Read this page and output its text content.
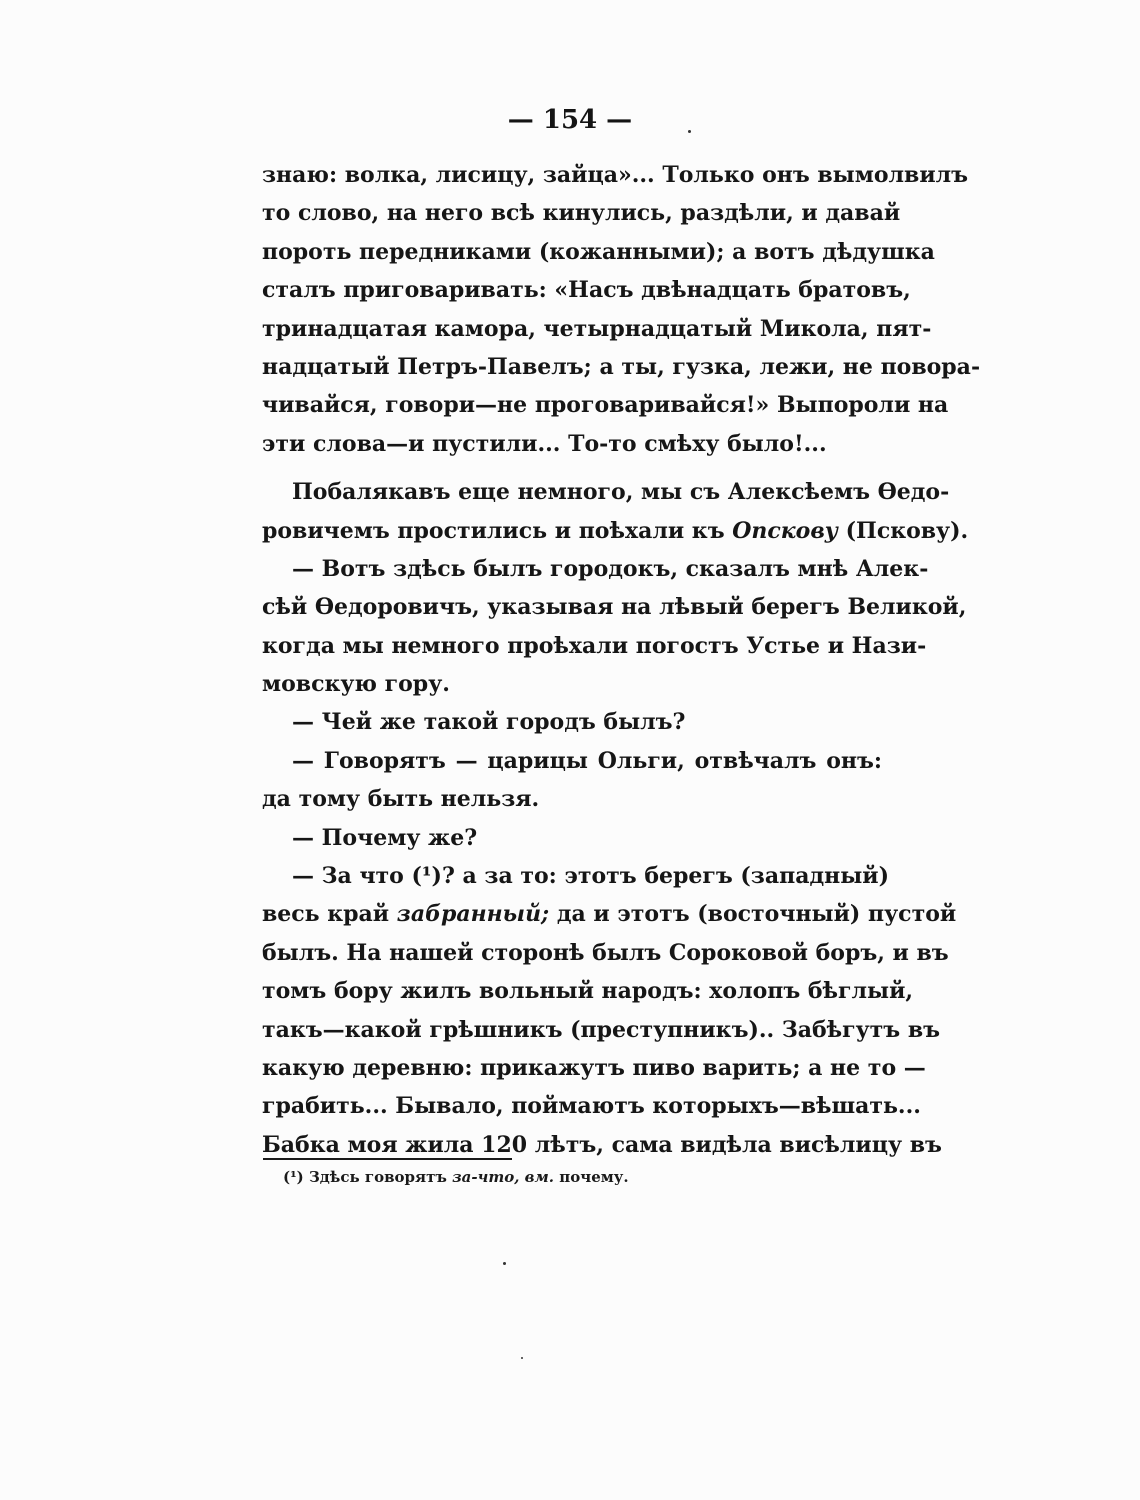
— 154 —
знаю: волка, лисицу, зайца»... Только онъ вымолвилъ
то слово, на него всѣ кинулись, раздѣли, и давай
пороть передниками (кожанными); а вотъ дѣдушка
сталъ приговаривать: «Насъ двѣнадцать братовъ,
тринадцатая камора, четырнадцатый Микола, пят-
надцатый Петръ-Павелъ; а ты, гузка, лежи, не повора-
чивайся, говори—не проговаривайся!» Выпороли на
эти слова—и пустили... То-то смѣху было!...
Побалякавъ еще немного, мы съ Алексѣемъ Ѳедо-
ровичемъ простились и поѣхали къ Опскову (Пскову).
— Вотъ здѣсь былъ городокъ, сказалъ мнѣ Алек-
сѣй Ѳедоровичъ, указывая на лѣвый берегъ Великой,
когда мы немного проѣхали погостъ Устье и Нази-
мовскую гору.
— Чей же такой городъ былъ?
— Говорятъ — царицы Ольги, отвѣчалъ онъ:
да тому быть нельзя.
— Почему же?
— За что (¹)? а за то: этотъ берегъ (западный)
весь край забранный; да и этотъ (восточный) пустой
былъ. На нашей сторонѣ былъ Сороковой боръ, и въ
томъ бору жилъ вольный народъ: холопъ бѣглый,
такъ—какой грѣшникъ (преступникъ).. Забѣгутъ въ
какую деревню: прикажутъ пиво варить; а не то —
грабить... Бывало, поймаютъ которыхъ—вѣшать...
Бабка моя жила 120 лѣтъ, сама видѣла висѣлицу въ
(¹) Здѣсь говорятъ за-что, вм. почему.
